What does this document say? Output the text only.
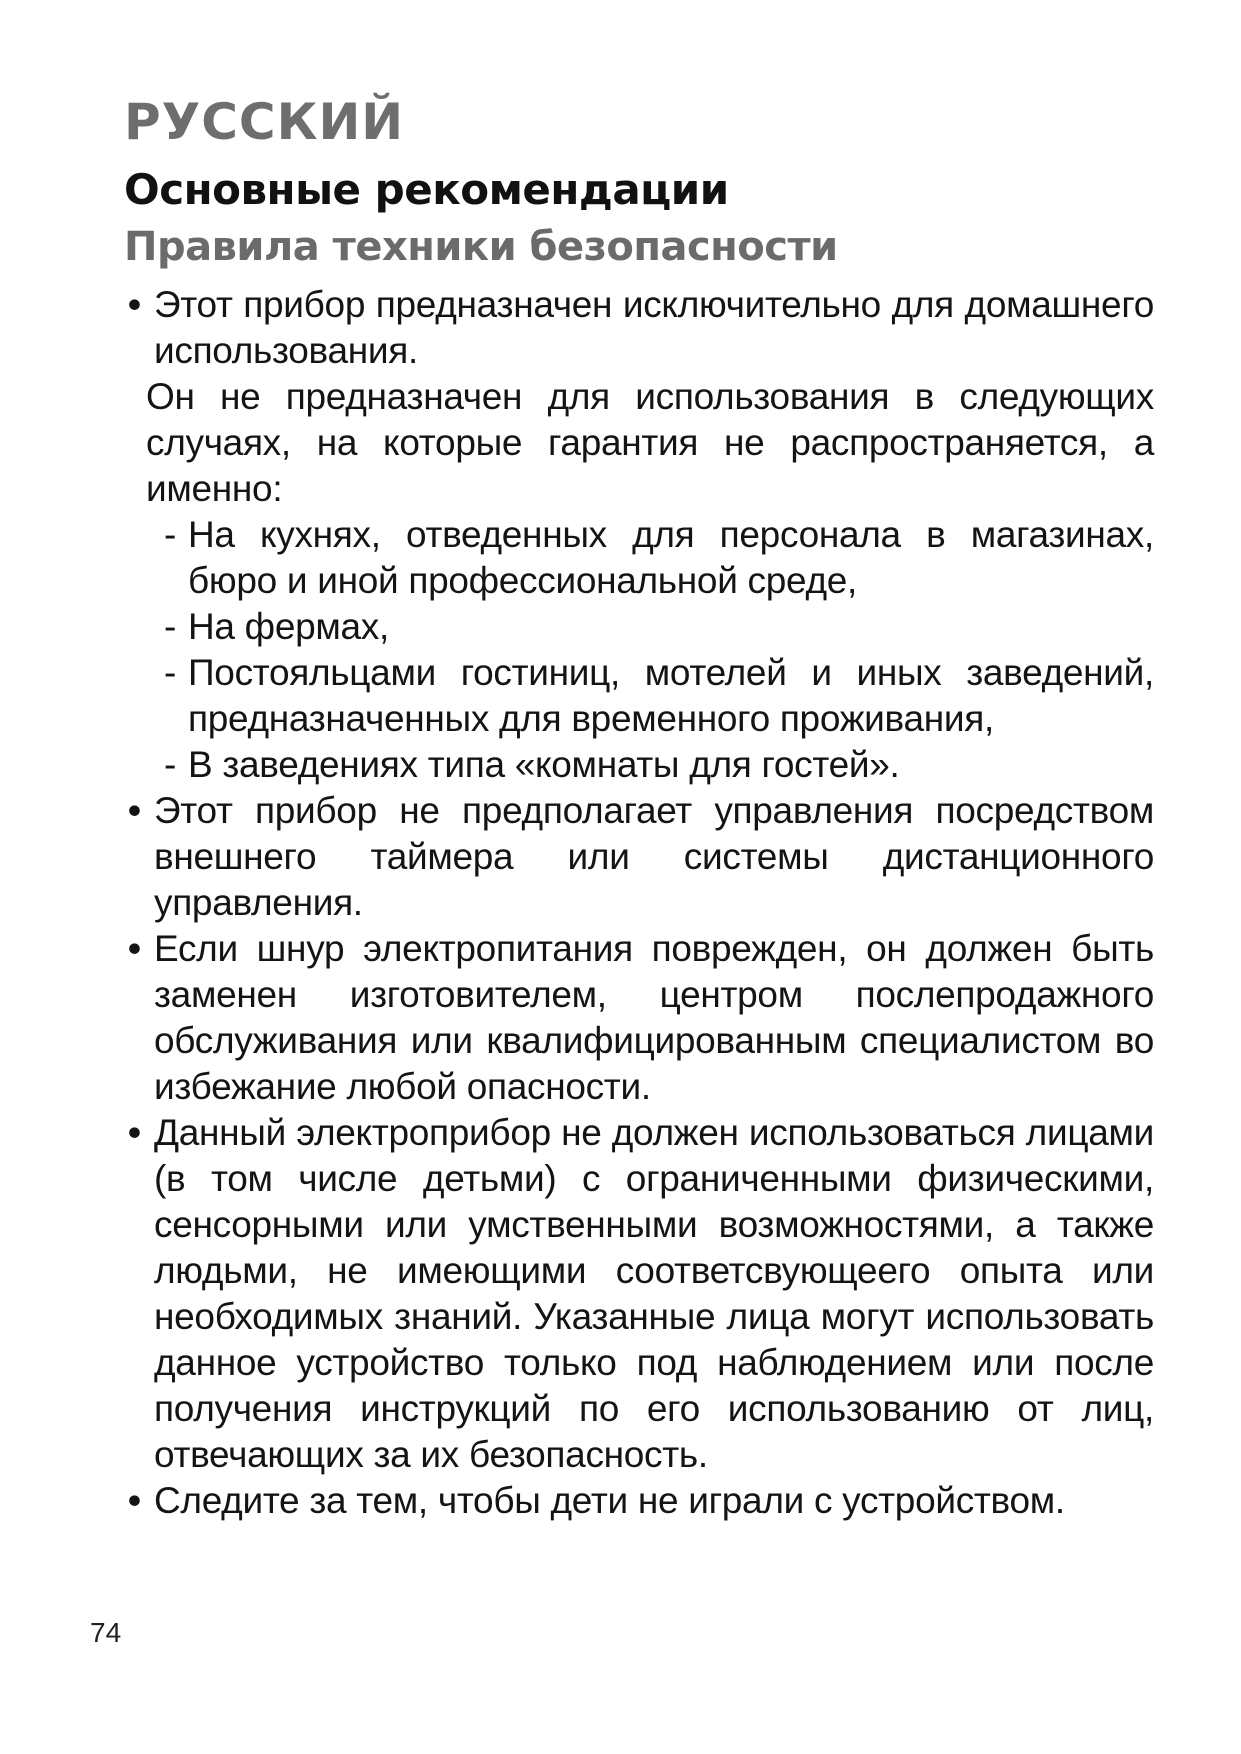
РУССКИЙ
Основные рекомендации
Правила техники безопасности
• Этот прибор предназначен исключительно для домашнего использования.

Он не предназначен для использования в следующих случаях, на которые гарантия не распространяется, а именно:

- На кухнях, отведенных для персонала в магазинах, бюро и иной профессиональной среде,
- На фермах,
- Постояльцами гостиниц, мотелей и иных заведений, предназначенных для временного проживания,
- В заведениях типа «комнаты для гостей».
• Этот прибор не предполагает управления посредством внешнего таймера или системы дистанционного управления.

• Если шнур электропитания поврежден, он должен быть заменен изготовителем, центром послепродажного обслуживания или квалифицированным специалистом во избежание любой опасности.

• Данный электроприбор не должен использоваться лицами (в том числе детьми) с ограниченными физическими, сенсорными или умственными возможностями, а также людьми, не имеющими соответсвующеего опыта или необходимых знаний. Указанные лица могут использовать данное устройство только под наблюдением или после получения инструкций по его использованию от лиц, отвечающих за их безопасность.

• Следите за тем, чтобы дети не играли с устройством.

74
